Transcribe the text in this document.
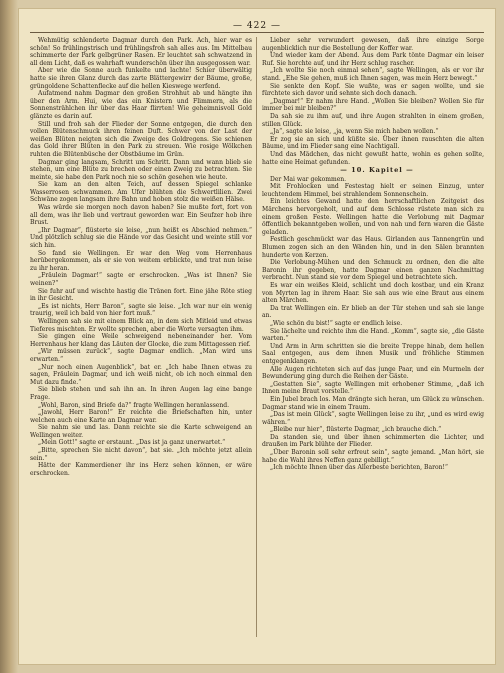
— 422 —

Wehmütig schlenderte Dagmar durch den Park. Ach, hier war es schön! So frühlingstrisch und frühlingsfroh sah alles aus. Im Mittelbau schimmerte der Park gelbgrüner Rasen. Er leuchtet sah schwatzend in all dem Licht, daß es wahrhaft wunderschön über ihn ausgegossen war.

Aber wie die Sonne auch funkelte und lachte! Schier überwältig hatte sie ihren Glanz durch das zarte Blättergewirr der Bäume, große, grüngoldene Schattenflecke auf die hellen Kieswege werfend.

Aufatmend nahm Dagmar den großen Strohhut ab und hängte ihn über den Arm. Hui, wie das ein Knistern und Flimmern, als die Sonnenstrählchen ihr über das Haar flirrten! Wie geheimnisvoll Gold glänzte es darin auf.

Still und froh sah der Flieder der Sonne entgegen, die durch den vollen Blütenschmuck ihren feinen Duft. Schwer von der Last der weißen Blüten neigten sich die Zweige des Goldregens. Sie schienen das Gold ihrer Blüten in den Park zu streuen. Wie rosige Wölkchen ruhten die Blütenbüsche der Obstbäume im Grün.

Dagmar ging langsam, Schritt um Schritt. Dann und wann blieb sie stehen, um eine Blüte zu brechen oder einen Zweig zu betrachten. Sie meinte, sie habe den Park noch nie so schön gesehen wie heute.

Sie kam an den alten Teich, auf dessen Spiegel schlanke Wasserrosen schwammen. Am Ufer blühten die Schwertlilien. Zwei Schwäne zogen langsam ihre Bahn und hoben stolz die weißen Hälse.

Was würde sie morgen noch davon haben? Sie mußte fort, fort von all dem, was ihr lieb und vertraut geworden war. Ein Seufzer hob ihre Brust.

„Ihr Dagmar“, flüsterte sie leise, „nun heißt es Abschied nehmen.“ Und plötzlich schlug sie die Hände vor das Gesicht und weinte still vor sich hin.

So fand sie Wellingen. Er war den Weg vom Herrenhaus herübergekommen, als er sie von weitem erblickte, und trat nun leise zu ihr heran.

„Fräulein Dagmar!“ sagte er erschrocken. „Was ist Ihnen? Sie weinen?“

Sie fuhr auf und wischte hastig die Tränen fort. Eine jähe Röte stieg in ihr Gesicht.

„Es ist nichts, Herr Baron“, sagte sie leise. „Ich war nur ein wenig traurig, weil ich bald von hier fort muß.“

Wellingen sah sie mit einem Blick an, in dem sich Mitleid und etwas Tieferes mischten. Er wollte sprechen, aber die Worte versagten ihm.

Sie gingen eine Weile schweigend nebeneinander her. Vom Herrenhaus her klang das Läuten der Glocke, die zum Mittagessen rief.

„Wir müssen zurück“, sagte Dagmar endlich. „Man wird uns erwarten.“

„Nur noch einen Augenblick“, bat er. „Ich habe Ihnen etwas zu sagen, Fräulein Dagmar, und ich weiß nicht, ob ich noch einmal den Mut dazu finde.“

Sie blieb stehen und sah ihn an. In ihren Augen lag eine bange Frage.

„Wohl, Baron, sind Briefe da?“ fragte Wellingen heranlassend.

„Jawohl, Herr Baron!“ Er reichte die Briefschaften hin, unter welchen auch eine Karte an Dagmar war.

Sie nahm sie und las. Dann reichte sie die Karte schweigend an Wellingen weiter.

„Mein Gott!“ sagte er erstaunt. „Das ist ja ganz unerwartet.“

„Bitte, sprechen Sie nicht davon“, bat sie. „Ich möchte jetzt allein sein.“

Hätte der Kammerdiener ihr ins Herz sehen können, er wäre erschrocken.

Lieber sehr verwundert gewesen, daß ihre einzige Sorge augenblicklich nur die Bestellung der Koffer war.

Und wieder kam der Abend. Aus dem Park tönte Dagmar ein leiser Ruf. Sie horchte auf, und ihr Herz schlug rascher.

„Ich wollte Sie noch einmal sehen“, sagte Wellingen, als er vor ihr stand. „Ehe Sie gehen, muß ich Ihnen sagen, was mein Herz bewegt.“

Sie senkte den Kopf. Sie wußte, was er sagen wollte, und sie fürchtete sich davor und sehnte sich doch danach.

„Dagmar!“ Er nahm ihre Hand. „Wollen Sie bleiben? Wollen Sie für immer bei mir bleiben?“

Da sah sie zu ihm auf, und ihre Augen strahlten in einem großen, stillen Glück.

„Ja“, sagte sie leise, „ja, wenn Sie mich haben wollen.“

Er zog sie an sich und küßte sie. Über ihnen rauschten die alten Bäume, und im Flieder sang eine Nachtigall.

Und das Mädchen, das nicht gewußt hatte, wohin es gehen sollte, hatte eine Heimat gefunden.

— 10. Kapitel —

Der Mai war gekommen.

Mit Frohlocken und Festestag hielt er seinen Einzug, unter leuchtendem Himmel, bei strahlendem Sonnenschein.

Ein leichtes Gewand hatte den herrschaftlichen Zeitgeist des Märchens hervorgeholt, und auf dem Schlosse rüstete man sich zu einem großen Feste. Wellingen hatte die Verlobung mit Dagmar öffentlich bekanntgeben wollen, und von nah und fern waren die Gäste geladen.

Festlich geschmückt war das Haus. Girlanden aus Tannengrün und Blumen zogen sich an den Wänden hin, und in den Sälen brannten hunderte von Kerzen.

Die Verlobung-Mühen und den Schmuck zu ordnen, den die alte Baronin ihr gegeben, hatte Dagmar einen ganzen Nachmittag verbracht. Nun stand sie vor dem Spiegel und betrachtete sich.

Es war ein weißes Kleid, schlicht und doch kostbar, und ein Kranz von Myrten lag in ihrem Haar. Sie sah aus wie eine Braut aus einem alten Märchen.

Da trat Wellingen ein. Er blieb an der Tür stehen und sah sie lange an.

„Wie schön du bist!“ sagte er endlich leise.

Sie lächelte und reichte ihm die Hand. „Komm“, sagte sie, „die Gäste warten.“

Und Arm in Arm schritten sie die breite Treppe hinab, dem hellen Saal entgegen, aus dem ihnen Musik und fröhliche Stimmen entgegenklangen.

Alle Augen richteten sich auf das junge Paar, und ein Murmeln der Bewunderung ging durch die Reihen der Gäste.

„Gestatten Sie“, sagte Wellingen mit erhobener Stimme, „daß ich Ihnen meine Braut vorstelle.“

Ein Jubel brach los. Man drängte sich heran, um Glück zu wünschen. Dagmar stand wie in einem Traum.

„Das ist mein Glück“, sagte Wellingen leise zu ihr, „und es wird ewig währen.“

„Bleibe nur hier“, flüsterte Dagmar, „ich brauche dich.“

Da standen sie, und über ihnen schimmerten die Lichter, und draußen im Park blühte der Flieder.

„Über Baronin soll sehr erfreut sein“, sagte jemand. „Man hört, sie habe die Wahl ihres Neffen ganz gebilligt.“

„Ich möchte Ihnen über das Allerbeste berichten, Baron!“
